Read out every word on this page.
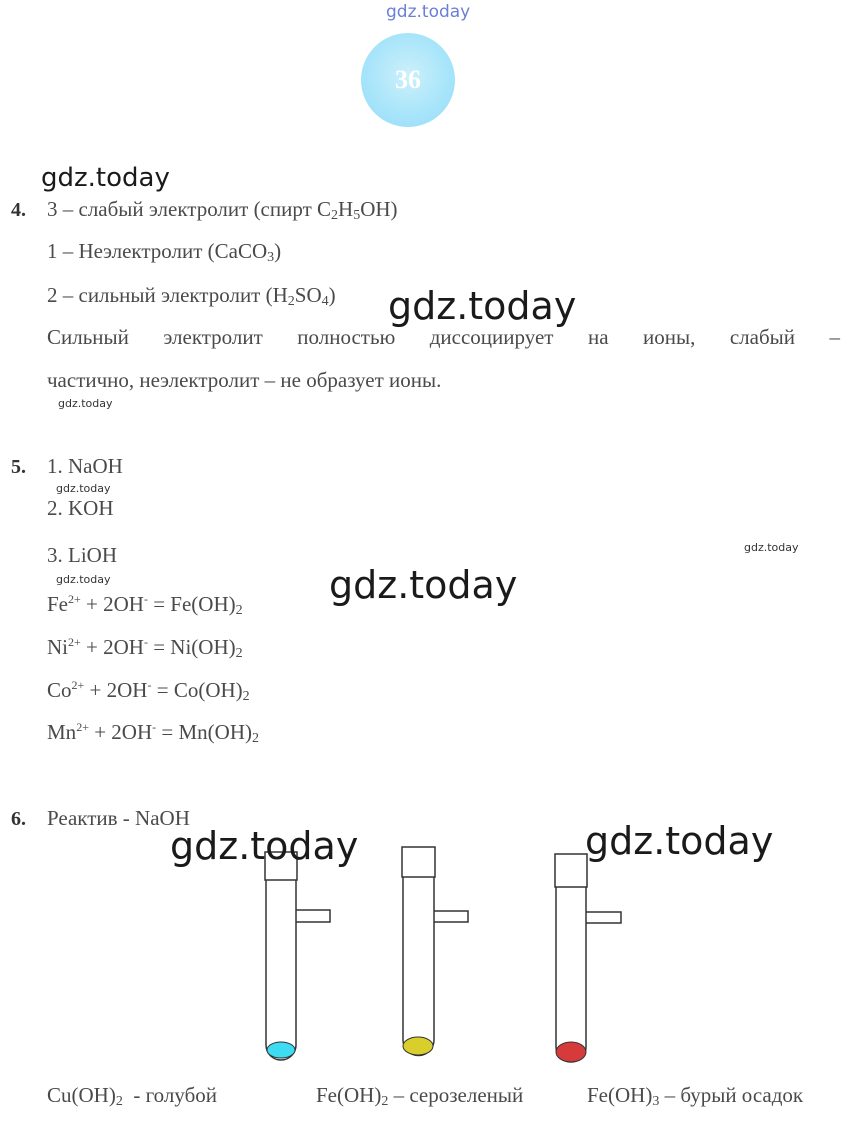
gdz.today
36
gdz.today
gdz.today
gdz.today
gdz.today
gdz.today
gdz.today	gdz.today
4. 3 – слабый электролит (спирт $C_2H_5OH$)
1 – Неэлектролит (CaCO$_3$)
2 – сильный электролит $(H_2SO_4)$
Сильный электролит полностью диссоциирует на ионы, слабый –
частично, неэлектролит – не образует ионы.
5. 1. NaOH
2. KOH
3. LiOH
$Fe^{2+} + 2OH^- = Fe(OH)_2$
$Ni^{2+} + 2OH^- = Ni(OH)_2$
$Co^{2+} + 2OH^- = Co(OH)_2$
$Mn^{2+} + 2OH^- = Mn(OH)_2$
6. Реактив - NaOH
gdz.today	gdz.today
$Cu(OH)_2$  - голубой	$Fe(OH)_2$ – серозеленый	$Fe(OH)_3$ – бурый осадок
